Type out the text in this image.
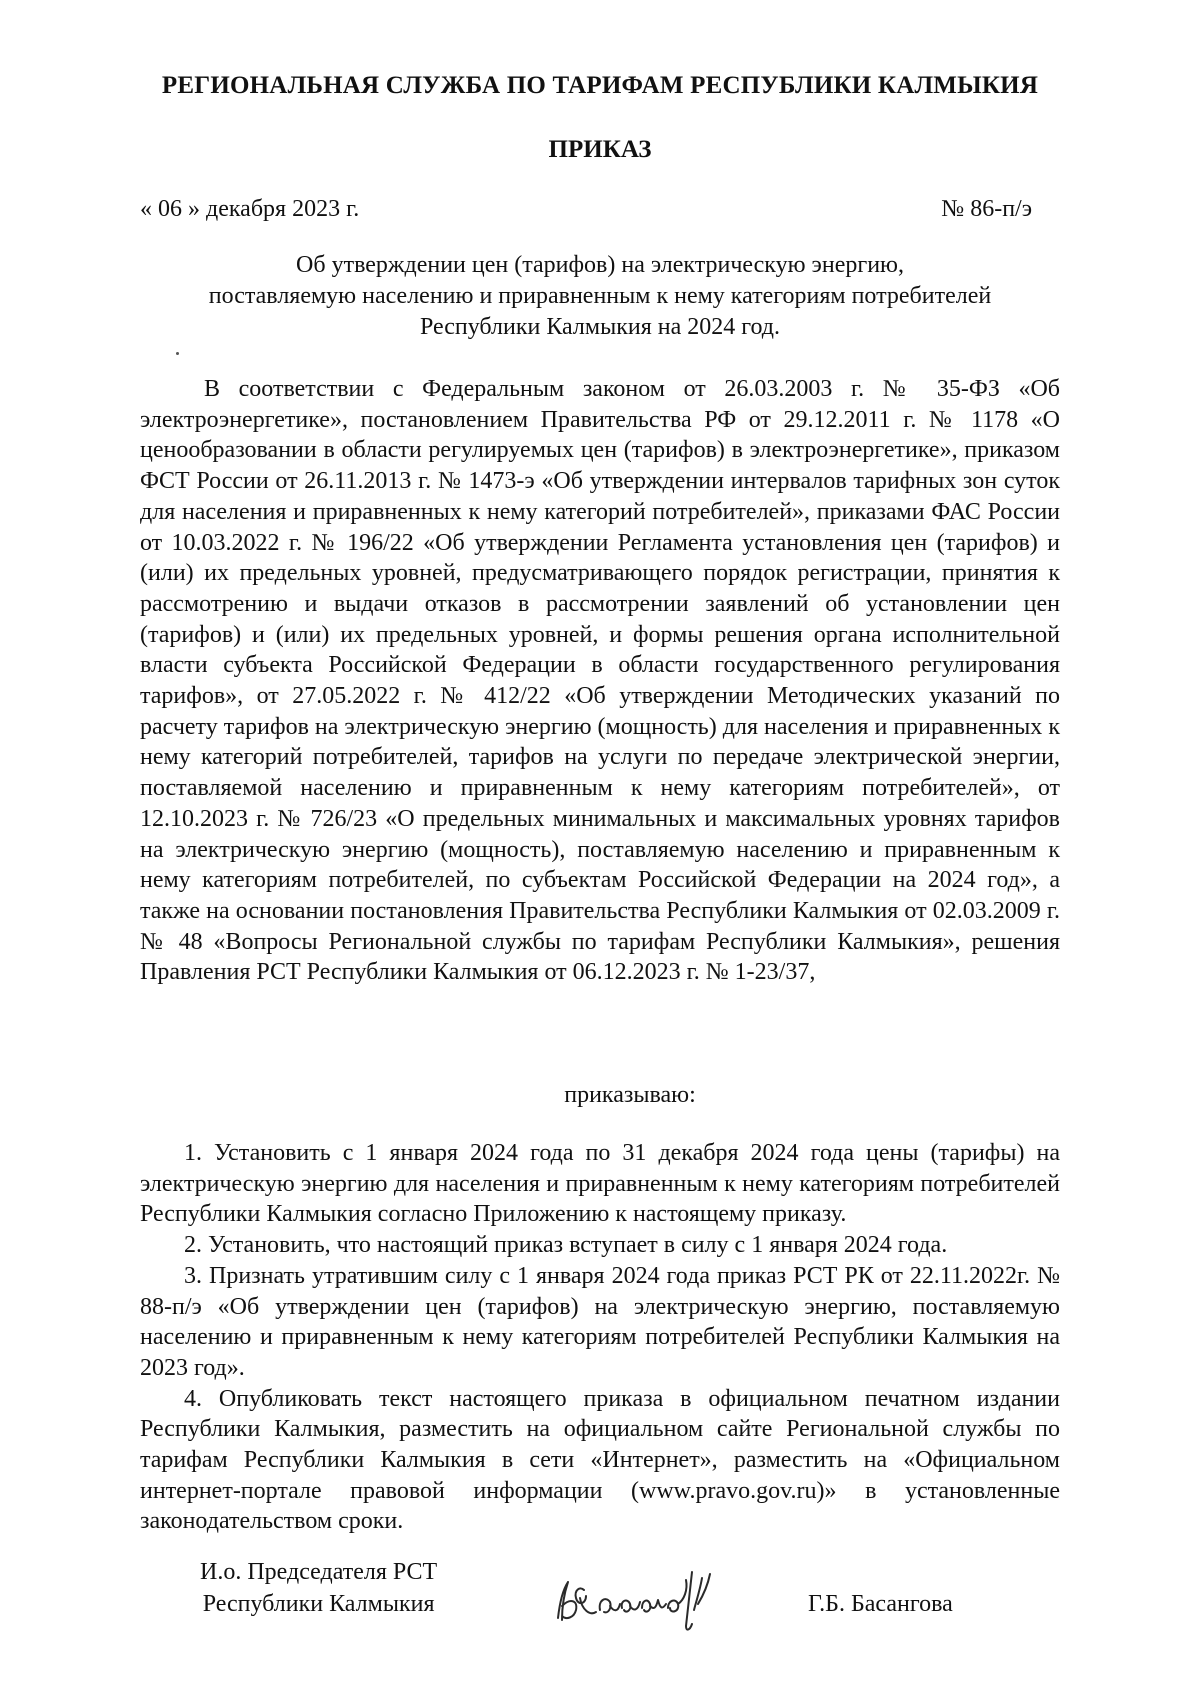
РЕГИОНАЛЬНАЯ СЛУЖБА ПО ТАРИФАМ РЕСПУБЛИКИ КАЛМЫКИЯ
ПРИКАЗ
« 06 » декабря 2023 г.	№ 86-п/э
Об утверждении цен (тарифов) на электрическую энергию,
поставляемую населению и приравненным к нему категориям потребителей
Республики Калмыкия на 2024 год.

В соответствии с Федеральным законом от 26.03.2003 г. № 35-ФЗ «Об электроэнергетике», постановлением Правительства РФ от 29.12.2011 г. № 1178 «О ценообразовании в области регулируемых цен (тарифов) в электроэнергетике», приказом ФСТ России от 26.11.2013 г. № 1473-э «Об утверждении интервалов тарифных зон суток для населения и приравненных к нему категорий потребителей», приказами ФАС России от 10.03.2022 г. № 196/22 «Об утверждении Регламента установления цен (тарифов) и (или) их предельных уровней, предусматривающего порядок регистрации, принятия к рассмотрению и выдачи отказов в рассмотрении заявлений об установлении цен (тарифов) и (или) их предельных уровней, и формы решения органа исполнительной власти субъекта Российской Федерации в области государственного регулирования тарифов», от 27.05.2022 г. № 412/22 «Об утверждении Методических указаний по расчету тарифов на электрическую энергию (мощность) для населения и приравненных к нему категорий потребителей, тарифов на услуги по передаче электрической энергии, поставляемой населению и приравненным к нему категориям потребителей», от 12.10.2023 г. № 726/23 «О предельных минимальных и максимальных уровнях тарифов на электрическую энергию (мощность), поставляемую населению и приравненным к нему категориям потребителей, по субъектам Российской Федерации на 2024 год», а также на основании постановления Правительства Республики Калмыкия от 02.03.2009 г. № 48 «Вопросы Региональной службы по тарифам Республики Калмыкия», решения Правления РСТ Республики Калмыкия от 06.12.2023 г. № 1-23/37,

приказываю:

1. Установить с 1 января 2024 года по 31 декабря 2024 года цены (тарифы) на электрическую энергию для населения и приравненным к нему категориям потребителей Республики Калмыкия согласно Приложению к настоящему приказу.

2. Установить, что настоящий приказ вступает в силу с 1 января 2024 года.

3. Признать утратившим силу с 1 января 2024 года приказ РСТ РК от 22.11.2022г. № 88-п/э «Об утверждении цен (тарифов) на электрическую энергию, поставляемую населению и приравненным к нему категориям потребителей Республики Калмыкия на 2023 год».

4. Опубликовать текст настоящего приказа в официальном печатном издании Республики Калмыкия, разместить на официальном сайте Региональной службы по тарифам Республики Калмыкия в сети «Интернет», разместить на «Официальном интернет-портале правовой информации (www.pravo.gov.ru)» в установленные законодательством сроки.

И.о. Председателя РСТ
Республики Калмыкия	Г.Б. Басангова
